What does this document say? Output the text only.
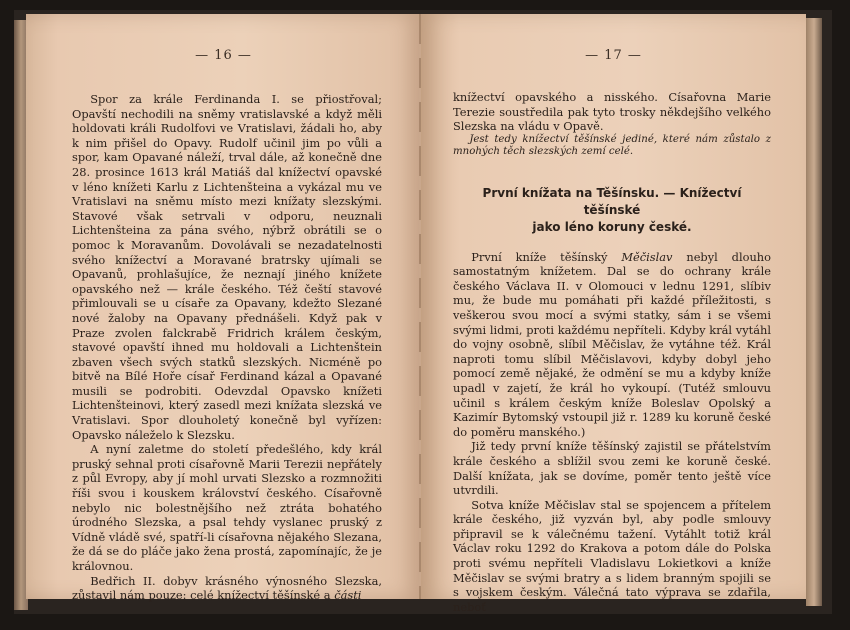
— 16 —

Spor za krále Ferdinanda I. se přiostřoval; Opavští nechodili na sněmy vratislavské a když měli holdovati králi Rudolfovi ve Vratislavi, žádali ho, aby k nim přišel do Opavy. Rudolf učinil jim po vůli a spor, kam Opavané náleží, trval dále, až konečně dne 28. prosince 1613 král Matiáš dal knížectví opavské v léno knížeti Karlu z Lichtenšteina a vykázal mu ve Vratislavi na sněmu místo mezi knížaty slezskými. Stavové však setrvali v odporu, neuznali Lichtenšteina za pána svého, nýbrž obrátili se o pomoc k Moravanům. Dovolávali se nezadatelnosti svého knížectví a Moravané bratrsky ujímali se Opavanů, prohlašujíce, že neznají jiného knížete opavského než — krále českého. Též čeští stavové přimlouvali se u císaře za Opavany, kdežto Slezané nové žaloby na Opavany přednášeli. Když pak v Praze zvolen falckrabě Fridrich králem českým, stavové opavští ihned mu holdovali a Lichtenštein zbaven všech svých statků slezských. Nicméně po bitvě na Bílé Hoře císař Ferdinand kázal a Opavané musili se podrobiti. Odevzdal Opavsko knížeti Lichtenšteinovi, který zasedl mezi knížata slezská ve Vratislavi. Spor dlouholetý konečně byl vyřízen: Opavsko náleželo k Slezsku.

A nyní zaletme do století předešlého, kdy král pruský sehnal proti císařovně Marii Terezii nepřátely z půl Evropy, aby jí mohl urvati Slezsko a rozmnožiti říši svou i kouskem království českého. Císařovně nebylo nic bolestnějšího než ztráta bohatého úrodného Slezska, a psal tehdy vyslanec pruský z Vídně vládě své, spatří-li císařovna nějakého Slezana, že dá se do pláče jako žena prostá, zapomínajíc, že je královnou.

Bedřich II. dobyv krásného výnosného Slezska, zůstavil nám pouze: celé knížectví těšínské a části

— 17 —

knížectví opavského a nisského. Císařovna Marie Terezie soustředila pak tyto trosky někdejšího velkého Slezska na vládu v Opavě.

Jest tedy knížectví těšínské jediné, které nám zůstalo z mnohých těch slezských zemí celé.

První knížata na Těšínsku. — Knížectví těšínské
jako léno koruny české.

První kníže těšínský Měčislav nebyl dlouho samostatným knížetem. Dal se do ochrany krále českého Václava II. v Olomouci v lednu 1291, slíbiv mu, že bude mu pomáhati při každé příležitosti, s veškerou svou mocí a svými statky, sám i se všemi svými lidmi, proti každému nepříteli. Kdyby král vytáhl do vojny osobně, slíbil Měčislav, že vytáhne též. Král naproti tomu slíbil Měčislavovi, kdyby dobyl jeho pomocí země nějaké, že odmění se mu a kdyby kníže upadl v zajetí, že král ho vykoupí. (Tutéž smlouvu učinil s králem českým kníže Boleslav Opolský a Kazimír Bytomský vstoupil již r. 1289 ku koruně české do poměru manského.)

Již tedy první kníže těšínský zajistil se přátelstvím krále českého a sblížil svou zemi ke koruně české. Další knížata, jak se dovíme, poměr tento ještě více utvrdili.

Sotva kníže Měčislav stal se spojencem a přítelem krále českého, již vyzván byl, aby podle smlouvy připravil se k válečnému tažení. Vytáhlt totiž král Václav roku 1292 do Krakova a potom dále do Polska proti svému nepříteli Vladislavu Lokietkovi a kníže Měčislav se svými bratry a s lidem branným spojili se s vojskem českým. Válečná tato výprava se zdařila, neboť
